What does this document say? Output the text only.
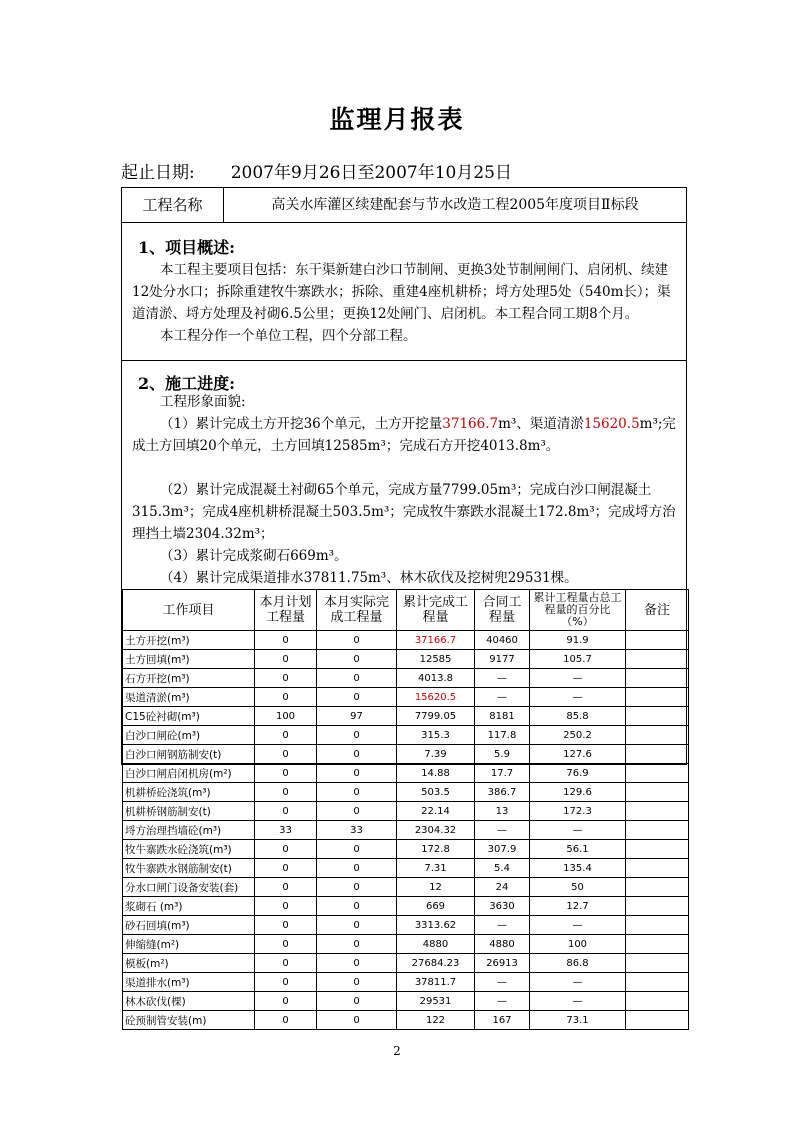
监理月报表
起止日期: 2007年9月26日至2007年10月25日
工程名称	高关水库灌区续建配套与节水改造工程2005年度项目Ⅱ标段
1、项目概述:
本工程主要项目包括：东干渠新建白沙口节制闸、更换3处节制闸闸门、启闭机、续建12处分水口；拆除重建牧牛寨跌水；拆除、重建4座机耕桥；埒方处理5处（540m长）；渠道清淤、埒方处理及衬砌6.5公里；更换12处闸门、启闭机。本工程合同工期8个月。
本工程分作一个单位工程，四个分部工程。
2、施工进度:
工程形象面貌:
（1）累计完成土方开挖36个单元，土方开挖量37166.7m³、渠道清淤15620.5m³;完成土方回填20个单元，土方回填12585m³；完成石方开挖4013.8m³。
（2）累计完成混凝土衬砌65个单元，完成方量7799.05m³；完成白沙口闸混凝土315.3m³；完成4座机耕桥混凝土503.5m³；完成牧牛寨跌水混凝土172.8m³；完成埒方治理挡土墙2304.32m³；
（3）累计完成浆砌石669m³。
（4）累计完成渠道排水37811.75m³、林木砍伐及挖树兜29531棵。
工作项目	本月计划工程量	本月实际完成工程量	累计完成工程量	合同工程量	累计工程量占总工程量的百分比（%）	备注
土方开挖(m³)	0	0	37166.7	40460	91.9	
土方回填(m³)	0	0	12585	9177	105.7	
石方开挖(m³)	0	0	4013.8	—	—	
渠道清淤(m³)	0	0	15620.5	—	—	
C15砼衬砌(m³)	100	97	7799.05	8181	85.8	
白沙口闸砼(m³)	0	0	315.3	117.8	250.2	
白沙口闸钢筋制安(t)	0	0	7.39	5.9	127.6	
白沙口闸启闭机房(m²)	0	0	14.88	17.7	76.9	
机耕桥砼浇筑(m³)	0	0	503.5	386.7	129.6	
机耕桥钢筋制安(t)	0	0	22.14	13	172.3	
埒方治理挡墙砼(m³)	33	33	2304.32	—	—	
牧牛寨跌水砼浇筑(m³)	0	0	172.8	307.9	56.1	
牧牛寨跌水钢筋制安(t)	0	0	7.31	5.4	135.4	
分水口闸门设备安装(套)	0	0	12	24	50	
浆砌石 (m³)	0	0	669	3630	12.7	
砂石回填(m³)	0	0	3313.62	—	—	
伸缩缝(m²)	0	0	4880	4880	100	
模板(m²)	0	0	27684.23	26913	86.8	
渠道排水(m³)	0	0	37811.7	—	—	
林木砍伐(棵)	0	0	29531	—	—	
砼预制管安装(m)	0	0	122	167	73.1	
2
